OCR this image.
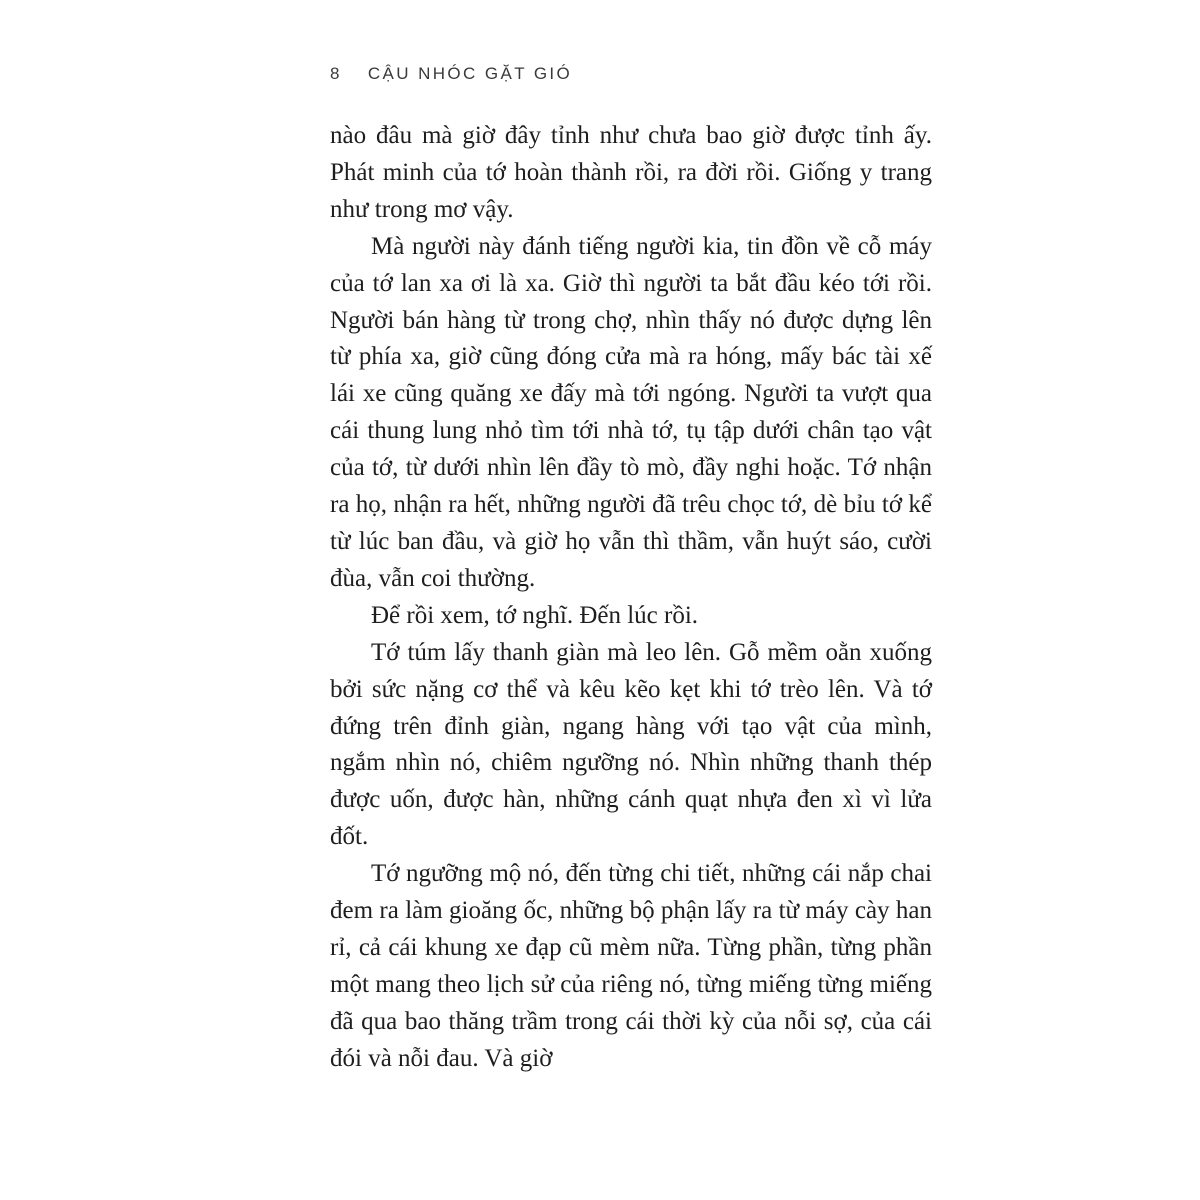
8 CẬU NHÓC GẶT GIÓ

nào đâu mà giờ đây tỉnh như chưa bao giờ được tỉnh ấy. Phát minh của tớ hoàn thành rồi, ra đời rồi. Giống y trang như trong mơ vậy.

Mà người này đánh tiếng người kia, tin đồn về cỗ máy của tớ lan xa ơi là xa. Giờ thì người ta bắt đầu kéo tới rồi. Người bán hàng từ trong chợ, nhìn thấy nó được dựng lên từ phía xa, giờ cũng đóng cửa mà ra hóng, mấy bác tài xế lái xe cũng quăng xe đấy mà tới ngóng. Người ta vượt qua cái thung lung nhỏ tìm tới nhà tớ, tụ tập dưới chân tạo vật của tớ, từ dưới nhìn lên đầy tò mò, đầy nghi hoặc. Tớ nhận ra họ, nhận ra hết, những người đã trêu chọc tớ, dè bỉu tớ kể từ lúc ban đầu, và giờ họ vẫn thì thầm, vẫn huýt sáo, cười đùa, vẫn coi thường.

Để rồi xem, tớ nghĩ. Đến lúc rồi.

Tớ túm lấy thanh giàn mà leo lên. Gỗ mềm oằn xuống bởi sức nặng cơ thể và kêu kẽo kẹt khi tớ trèo lên. Và tớ đứng trên đỉnh giàn, ngang hàng với tạo vật của mình, ngắm nhìn nó, chiêm ngưỡng nó. Nhìn những thanh thép được uốn, được hàn, những cánh quạt nhựa đen xì vì lửa đốt.

Tớ ngưỡng mộ nó, đến từng chi tiết, những cái nắp chai đem ra làm gioăng ốc, những bộ phận lấy ra từ máy cày han rỉ, cả cái khung xe đạp cũ mèm nữa. Từng phần, từng phần một mang theo lịch sử của riêng nó, từng miếng từng miếng đã qua bao thăng trầm trong cái thời kỳ của nỗi sợ, của cái đói và nỗi đau. Và giờ
